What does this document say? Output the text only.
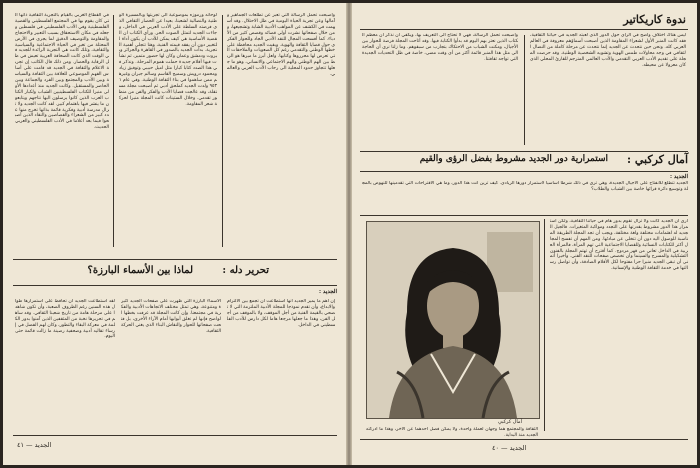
في القطاع الغربي بالقيام بالتجربة الثقافية ذاتها التي كان يقوم بها في المجتمع الفلسطيني والقضية الفلسطينية وفي الأدب الفلسطيني في فلسطين وجعله في مكان الاستحقاق بسبب التعبير والاحتجاج والمقاومة والتوصيف الدقيق لما يجري في الأرض المحتلة من تغير في الحياة الاجتماعية والسياسية والثقافية، وتلك كانت هي التجربة الرائدة للجديد في الوقت الذي كانت الصحافة العربية تعيش في ظل الرقابة والحصار. ومن ذلك قال الكاتب إن تجربة الاعلام والثقافة في الجديد قد قامت على أساس الفهم الموضوعي للعلاقة بين الثقافة والسياسة وبين الأدب والمجتمع وبين الفرد والجماعة وبين الحاضر والمستقبل. وكانت الجديد منذ أعدادها الأولى منبرا للكتاب الفلسطينيين الشباب ولكبار الكتاب العرب الذين كانوا يرسلون اليها نتاجهم ويتابعون ما ينشر فيها باهتمام كبير. لقد كانت الجديد ولا تزال مدرسة أدبية وفكرية قائمة بذاتها تخرج منها عدد كبير من الشعراء والقصاصين والنقاد الذين أصبحوا فيما بعد أعلاما في الأدب الفلسطيني والعربي الحديث.
لوحاته ورموزه بموضوعية الى تجربتها وبالمسيرة الوطنية والنضالية لشعبنا، بعيدا عن الحصار الثقافي الذي فرضته السلطة على الأدب العربي في الداخل، وجاءت الجديد لتمثل الصوت الحر. ورأى الكتاب ان القضية الأساسية هي كيف يمكن للأدب أن يكون أداة للتغيير دون أن يفقد قيمته الفنية، وهنا تتجلى أهمية التجربة. بدأت الجديد بالصدور في القاهرة والجزائر وبيروت ودمشق وعمان وكان لها حضور متميز، ثم نشأت فيها أقلام جديدة حملت هموم المرحلة. ونذكر في هذا الصدد كتابا كبارا مثل اميل حبيبي وتوفيق زياد ومحمود درويش وسميح القاسم وسالم جبران وغيرهم ممن ساهموا في بناء الثقافة الوطنية. وفي عام ١٩٥٣ ولدت الجديد كملحق أدبي ثم أصبحت مجلة مستقلة، وقد عالجت قضايا الأدب والفكر والفن من منظور تقدمي. وخلال الستينات كانت المجلة منبرا لحركة شعر المقاومة.
واصبحت تحمل الرسالة التي تعبر عن تطلعات الجماهير وآمالها وعن تجربة الحياة اليومية في ظل الاحتلال. وقد أسهمت في الكشف عن المواهب الأدبية الشابة وتشجيعها، ومن خلال صفحاتها نشرت أولى قصائد وقصص كثير من الأدباء. كما أفسحت المجال للنقد الأدبي الجاد وللحوار الفكري حول قضايا الثقافة والهوية. وبقيت الجديد محافظة على خطها الوطني والتقدمي رغم كل الصعوبات والملاحقات التي تعرض لها محرروها وكتابها. ولعل أبرز ما ميزها هو الربط بين الهم الوطني والهم الاجتماعي والانساني، وهو ما جعلها تتجاوز حدود المحلية الى رحاب الأدب العربي والعالمي.
لماذا بين الأسماء البارزة؟	تحرير دله :
الجديد :
لقد استطاعت الجديد أن تحافظ على استمرارها طوال هذه السنين رغم الظروف الصعبة، وأن تكون شاهدا على مرحلة هامة من تاريخ شعبنا الثقافي. وقد ساهم في تحريرها نخبة من المثقفين الذين آمنوا بدور الكلمة في معركة البقاء والتطور، وكان لهم الفضل في إرساء تقاليد أدبية وصحفية رصينة ما زالت قائمة حتى اليوم.
الأسماء البارزة التي ظهرت على صفحات الجديد كثيرة ومتنوعة، وهي تمثل مختلف الاتجاهات الأدبية والفكرية في مجتمعنا. وإن كانت المجلة قد عرفت بخطها الواضح فإنها لم تغلق أبوابها أمام الآراء الأخرى، بل فتحت صفحاتها للحوار والنقاش البناء الذي يغني الحركة الثقافية.
إن أهم ما يميز الجديد أنها استطاعت أن تجمع بين الالتزام والابداع، وأن تقدم نموذجا للمجلة الأدبية الملتزمة التي لا تضحي بالقيمة الفنية من أجل الموقف، ولا بالموقف من أجل الفن، وهذا ما جعلها مرجعا هاما لكل دارس للأدب الفلسطيني في الداخل.
الجديد — ٤١
ندوة كاريكاتير
ليس هناك اختلاف واضح في الرأي حول الدور الذي لعبته الجديد في حياتنا الثقافية، فقد كانت المنبر الأول لشعراء المقاومة الذين أصبحت أسماؤهم معروفة في العالم العربي كله. ونحن حين نتحدث عن الجديد إنما نتحدث عن مرحلة كاملة من النضال الثقافي في وجه محاولات طمس الهوية وتشويه الشخصية الوطنية. وقد حرصت المجلة على تقديم الأدب العربي التقدمي والأدب العالمي المترجم للقارئ المحلي الذي كان معزولا عن محيطه.
واصبحت تحمل الرسالة، فهي لا تحتاج الى التعريف بها، ويكفي أن نذكر أن معظم الكتاب الذين نعتز بهم اليوم قد بدأوا الكتابة فيها. وقد أتاحت المجلة فرصة للحوار بين الأجيال، ومكنت الشباب من الاحتكاك بتجارب من سبقوهم. وما زلنا نرى أن الحاجة الى مثل هذا المنبر قائمة أكثر من أي وقت مضى، خاصة في ظل التحديات الجديدة التي تواجه ثقافتنا.
استمرارية دور الجديد مشروط بفضل الرؤى والقيم	آمال كركبي :
الجديد :
الجديد تتطلع للانفتاح على الأجيال الجديدة، وهي ترى في ذلك شرطا أساسيا لاستمرار دورها الريادي. كيف ترين أنت هذا الدور، وما هي الاقتراحات التي تقدمينها للنهوض بالمجلة وتوسيع دائرة قرائها خاصة بين الشباب والطلاب؟
آمال كركبي
أرى أن الجديد كانت ولا تزال تقوم بدور هام في حياتنا الثقافية، ولكن استمرار هذا الدور مشروط بقدرتها على التجدد ومواكبة المتغيرات. فالجيل الجديد له اهتمامات مختلفة ولغة مختلفة، ويجب أن تجد المجلة الطريقة المناسبة للوصول اليه دون أن تتخلى عن مبادئها. ومن المهم أن تفسح المجال أكثر للكتابات النسائية وللقضايا الاجتماعية التي تهم المرأة، فالمرأة العربية في الداخل تعاني من قهر مزدوج. كما أقترح أن تهتم المجلة بالفنون التشكيلية والمسرح والسينما وأن تخصص صفحات للنقد الفني. وأخيرا أتمنى أن تبقى الجديد منبرا حرا مفتوحا لكل الأقلام الصادقة، وأن تواصل رسالتها في خدمة الثقافة الوطنية والإنسانية.
الثقافة والمجتمع هما وجهان لعملة واحدة، ولا يمكن فصل أحدهما عن الآخر، وهذا ما أدركته الجديد منذ البداية.
الجديد — ٤٠
